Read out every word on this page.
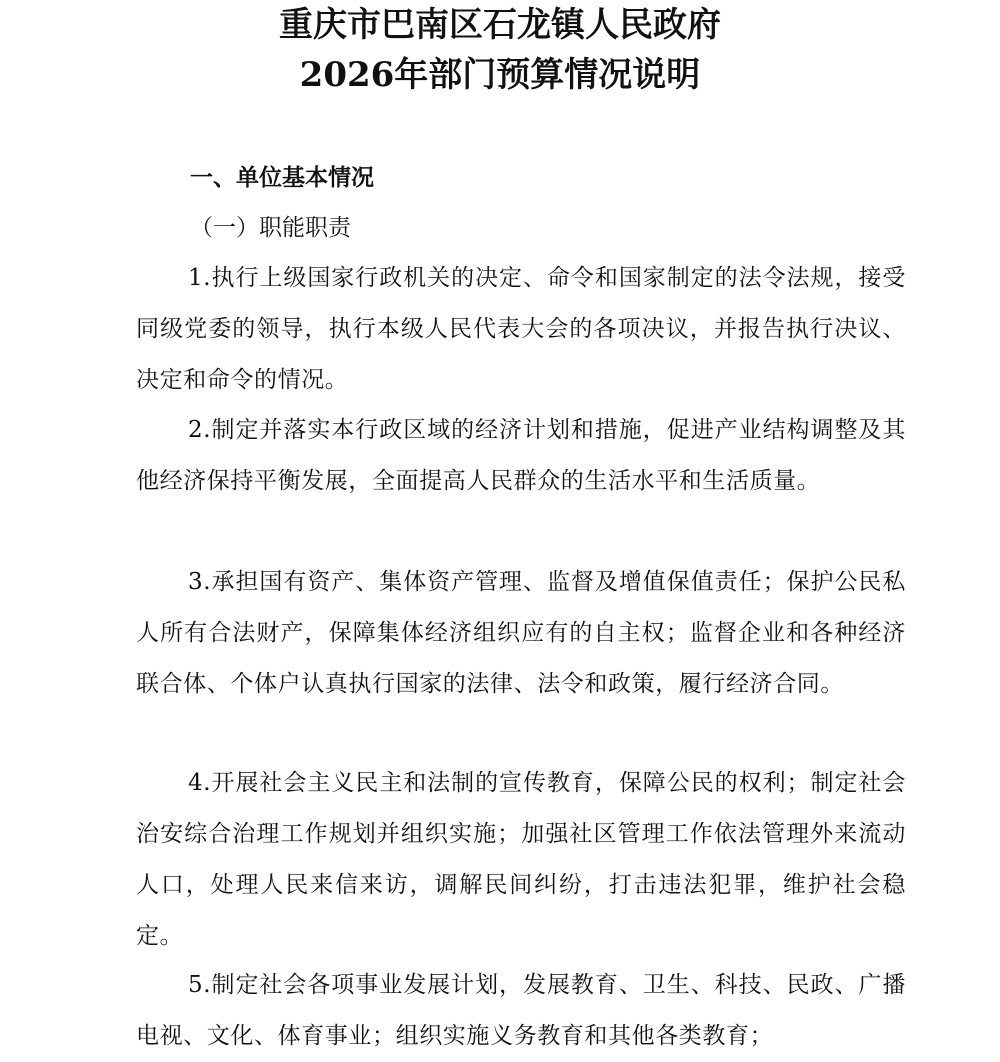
重庆市巴南区石龙镇人民政府
2026年部门预算情况说明
一、单位基本情况
（一）职能职责
1.执行上级国家行政机关的决定、命令和国家制定的法令法规，接受同级党委的领导，执行本级人民代表大会的各项决议，并报告执行决议、决定和命令的情况。
2.制定并落实本行政区域的经济计划和措施，促进产业结构调整及其他经济保持平衡发展，全面提高人民群众的生活水平和生活质量。
3.承担国有资产、集体资产管理、监督及增值保值责任；保护公民私人所有合法财产，保障集体经济组织应有的自主权；监督企业和各种经济联合体、个体户认真执行国家的法律、法令和政策，履行经济合同。
4.开展社会主义民主和法制的宣传教育，保障公民的权利；制定社会治安综合治理工作规划并组织实施；加强社区管理工作依法管理外来流动人口，处理人民来信来访，调解民间纠纷，打击违法犯罪，维护社会稳定。
5.制定社会各项事业发展计划，发展教育、卫生、科技、民政、广播电视、文化、体育事业；组织实施义务教育和其他各类教育；
